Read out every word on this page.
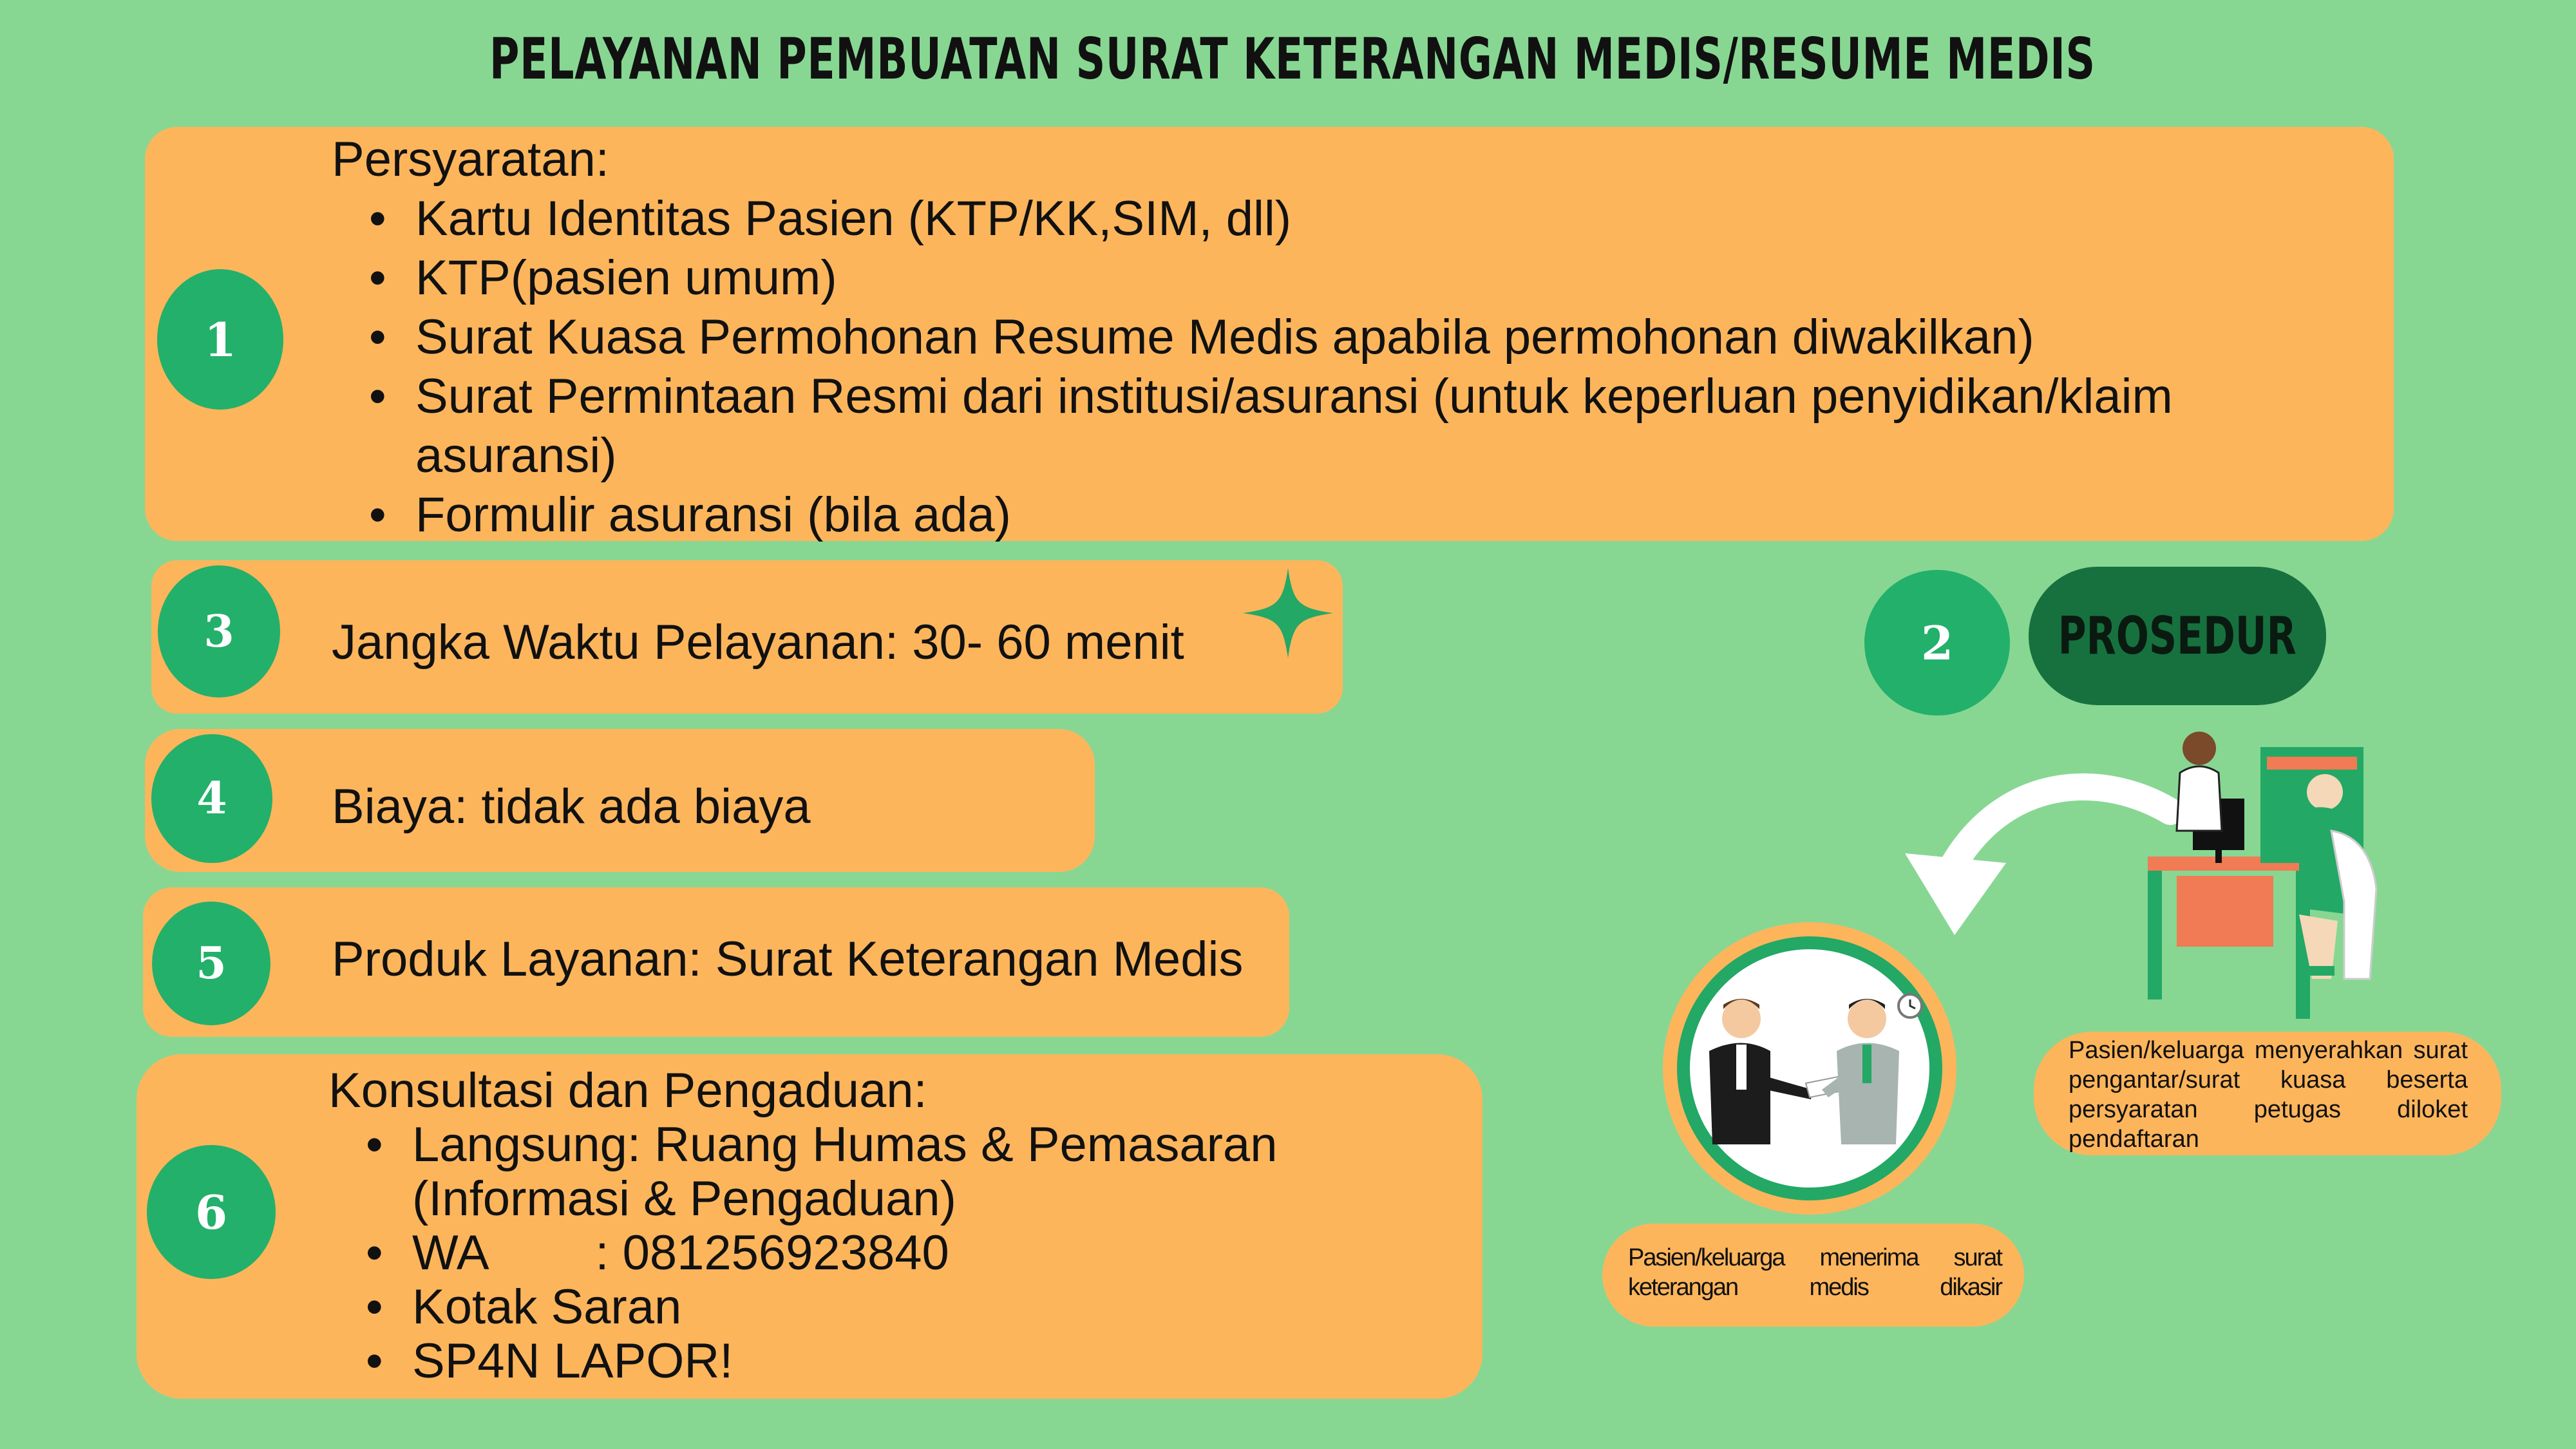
PELAYANAN PEMBUATAN SURAT KETERANGAN MEDIS/RESUME MEDIS
1
Persyaratan:
• Kartu Identitas Pasien (KTP/KK,SIM, dll)
• KTP(pasien umum)
• Surat Kuasa Permohonan Resume Medis apabila permohonan diwakilkan)
• Surat Permintaan Resmi dari institusi/asuransi (untuk keperluan penyidikan/klaim
asuransi)
• Formulir asuransi (bila ada)
3	Jangka Waktu Pelayanan: 30- 60 menit
4	Biaya: tidak ada biaya
5	Produk Layanan: Surat Keterangan Medis
6
Konsultasi dan Pengaduan:
• Langsung: Ruang Humas & Pemasaran
(Informasi & Pengaduan)
• WA        : 081256923840
• Kotak Saran
• SP4N LAPOR!
2	PROSEDUR
Pasien/keluarga menyerahkan surat pengantar/surat kuasa beserta persyaratan petugas diloket pendaftaran
Pasien/keluarga menerima surat keterangan medis dikasir
